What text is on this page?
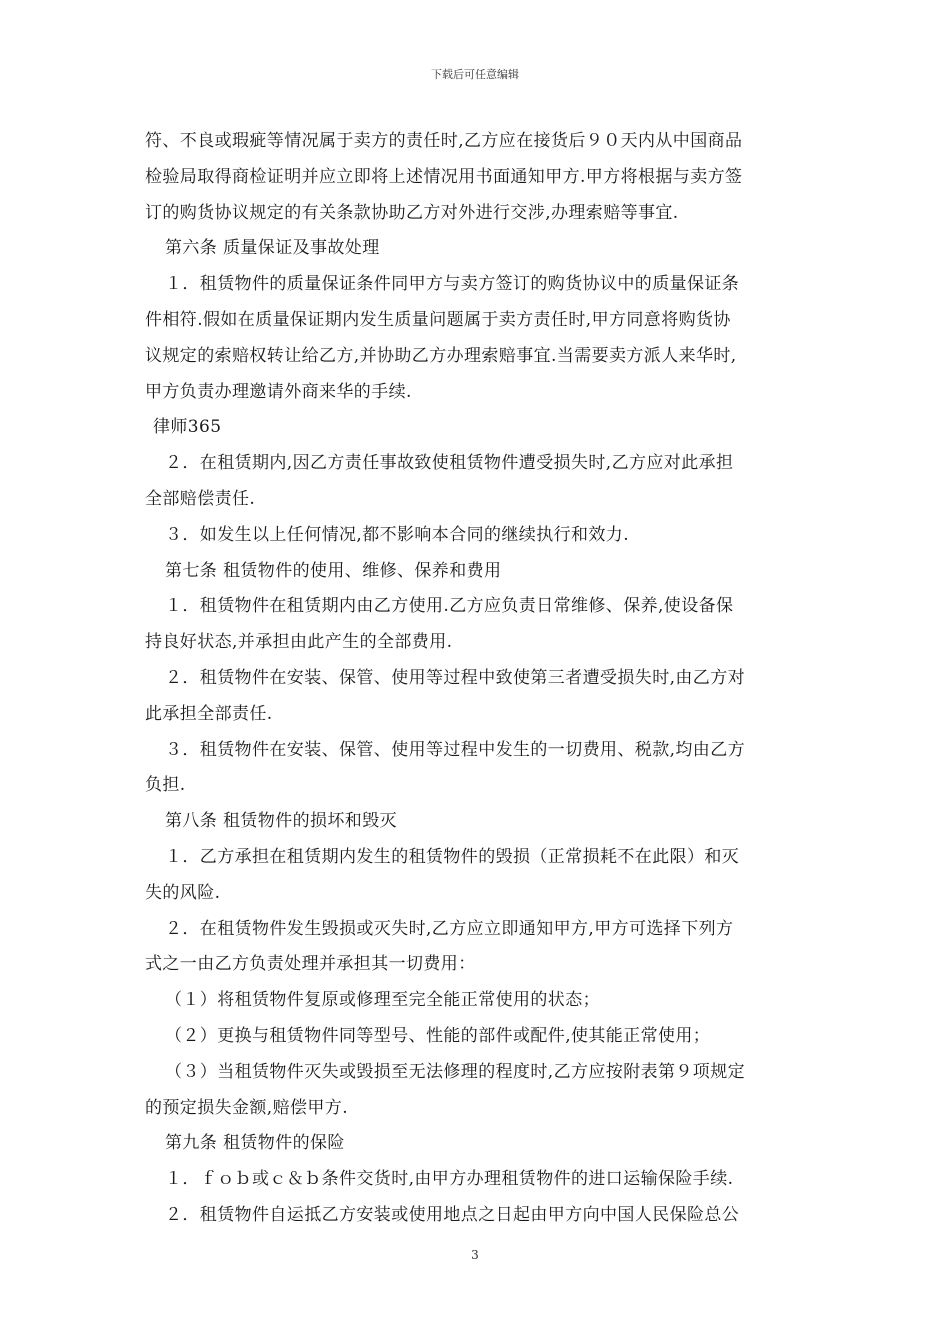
下载后可任意编辑
符、不良或瑕疵等情况属于卖方的责任时,乙方应在接货后９０天内从中国商品
检验局取得商检证明并应立即将上述情况用书面通知甲方.甲方将根据与卖方签
订的购货协议规定的有关条款协助乙方对外进行交涉,办理索赔等事宜.
第六条 质量保证及事故处理
１．租赁物件的质量保证条件同甲方与卖方签订的购货协议中的质量保证条
件相符.假如在质量保证期内发生质量问题属于卖方责任时,甲方同意将购货协
议规定的索赔权转让给乙方,并协助乙方办理索赔事宜.当需要卖方派人来华时,
甲方负责办理邀请外商来华的手续.
律师365
２．在租赁期内,因乙方责任事故致使租赁物件遭受损失时,乙方应对此承担
全部赔偿责任.
３．如发生以上任何情况,都不影响本合同的继续执行和效力.
第七条 租赁物件的使用、维修、保养和费用
１．租赁物件在租赁期内由乙方使用.乙方应负责日常维修、保养,使设备保
持良好状态,并承担由此产生的全部费用.
２．租赁物件在安装、保管、使用等过程中致使第三者遭受损失时,由乙方对
此承担全部责任.
３．租赁物件在安装、保管、使用等过程中发生的一切费用、税款,均由乙方
负担.
第八条 租赁物件的损坏和毁灭
１．乙方承担在租赁期内发生的租赁物件的毁损（正常损耗不在此限）和灭
失的风险.
２．在租赁物件发生毁损或灭失时,乙方应立即通知甲方,甲方可选择下列方
式之一由乙方负责处理并承担其一切费用：
（１）将租赁物件复原或修理至完全能正常使用的状态；
（２）更换与租赁物件同等型号、性能的部件或配件,使其能正常使用；
（３）当租赁物件灭失或毁损至无法修理的程度时,乙方应按附表第９项规定
的预定损失金额,赔偿甲方.
第九条 租赁物件的保险
１．ｆｏｂ或ｃ＆ｂ条件交货时,由甲方办理租赁物件的进口运输保险手续.
２．租赁物件自运抵乙方安装或使用地点之日起由甲方向中国人民保险总公
3
